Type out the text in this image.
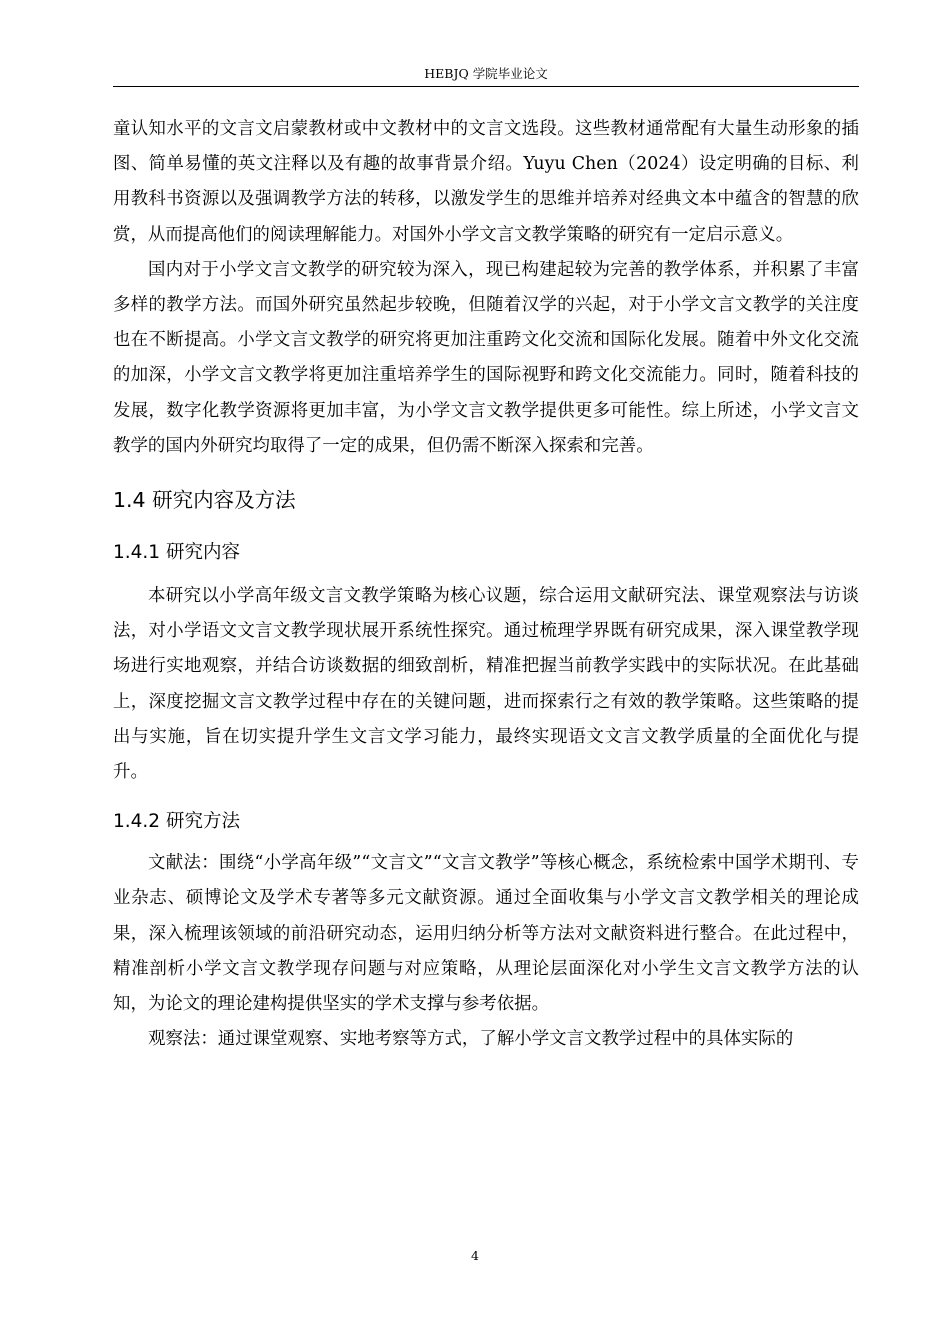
HEBJQ 学院毕业论文

童认知水平的文言文启蒙教材或中文教材中的文言文选段。这些教材通常配有大量生动形象的插图、简单易懂的英文注释以及有趣的故事背景介绍。Yuyu Chen（2024）设定明确的目标、利用教科书资源以及强调教学方法的转移，以激发学生的思维并培养对经典文本中蕴含的智慧的欣赏，从而提高他们的阅读理解能力。对国外小学文言文教学策略的研究有一定启示意义。

国内对于小学文言文教学的研究较为深入，现已构建起较为完善的教学体系，并积累了丰富多样的教学方法。而国外研究虽然起步较晚，但随着汉学的兴起，对于小学文言文教学的关注度也在不断提高。小学文言文教学的研究将更加注重跨文化交流和国际化发展。随着中外文化交流的加深，小学文言文教学将更加注重培养学生的国际视野和跨文化交流能力。同时，随着科技的发展，数字化教学资源将更加丰富，为小学文言文教学提供更多可能性。综上所述，小学文言文教学的国内外研究均取得了一定的成果，但仍需不断深入探索和完善。

1.4 研究内容及方法
1.4.1 研究内容

本研究以小学高年级文言文教学策略为核心议题，综合运用文献研究法、课堂观察法与访谈法，对小学语文文言文教学现状展开系统性探究。通过梳理学界既有研究成果，深入课堂教学现场进行实地观察，并结合访谈数据的细致剖析，精准把握当前教学实践中的实际状况。在此基础上，深度挖掘文言文教学过程中存在的关键问题，进而探索行之有效的教学策略。这些策略的提出与实施，旨在切实提升学生文言文学习能力，最终实现语文文言文教学质量的全面优化与提升。

1.4.2 研究方法

文献法：围绕“小学高年级”“文言文”“文言文教学”等核心概念，系统检索中国学术期刊、专业杂志、硕博论文及学术专著等多元文献资源。通过全面收集与小学文言文教学相关的理论成果，深入梳理该领域的前沿研究动态，运用归纳分析等方法对文献资料进行整合。在此过程中，精准剖析小学文言文教学现存问题与对应策略，从理论层面深化对小学生文言文教学方法的认知，为论文的理论建构提供坚实的学术支撑与参考依据。

观察法：通过课堂观察、实地考察等方式，了解小学文言文教学过程中的具体实际的

4
